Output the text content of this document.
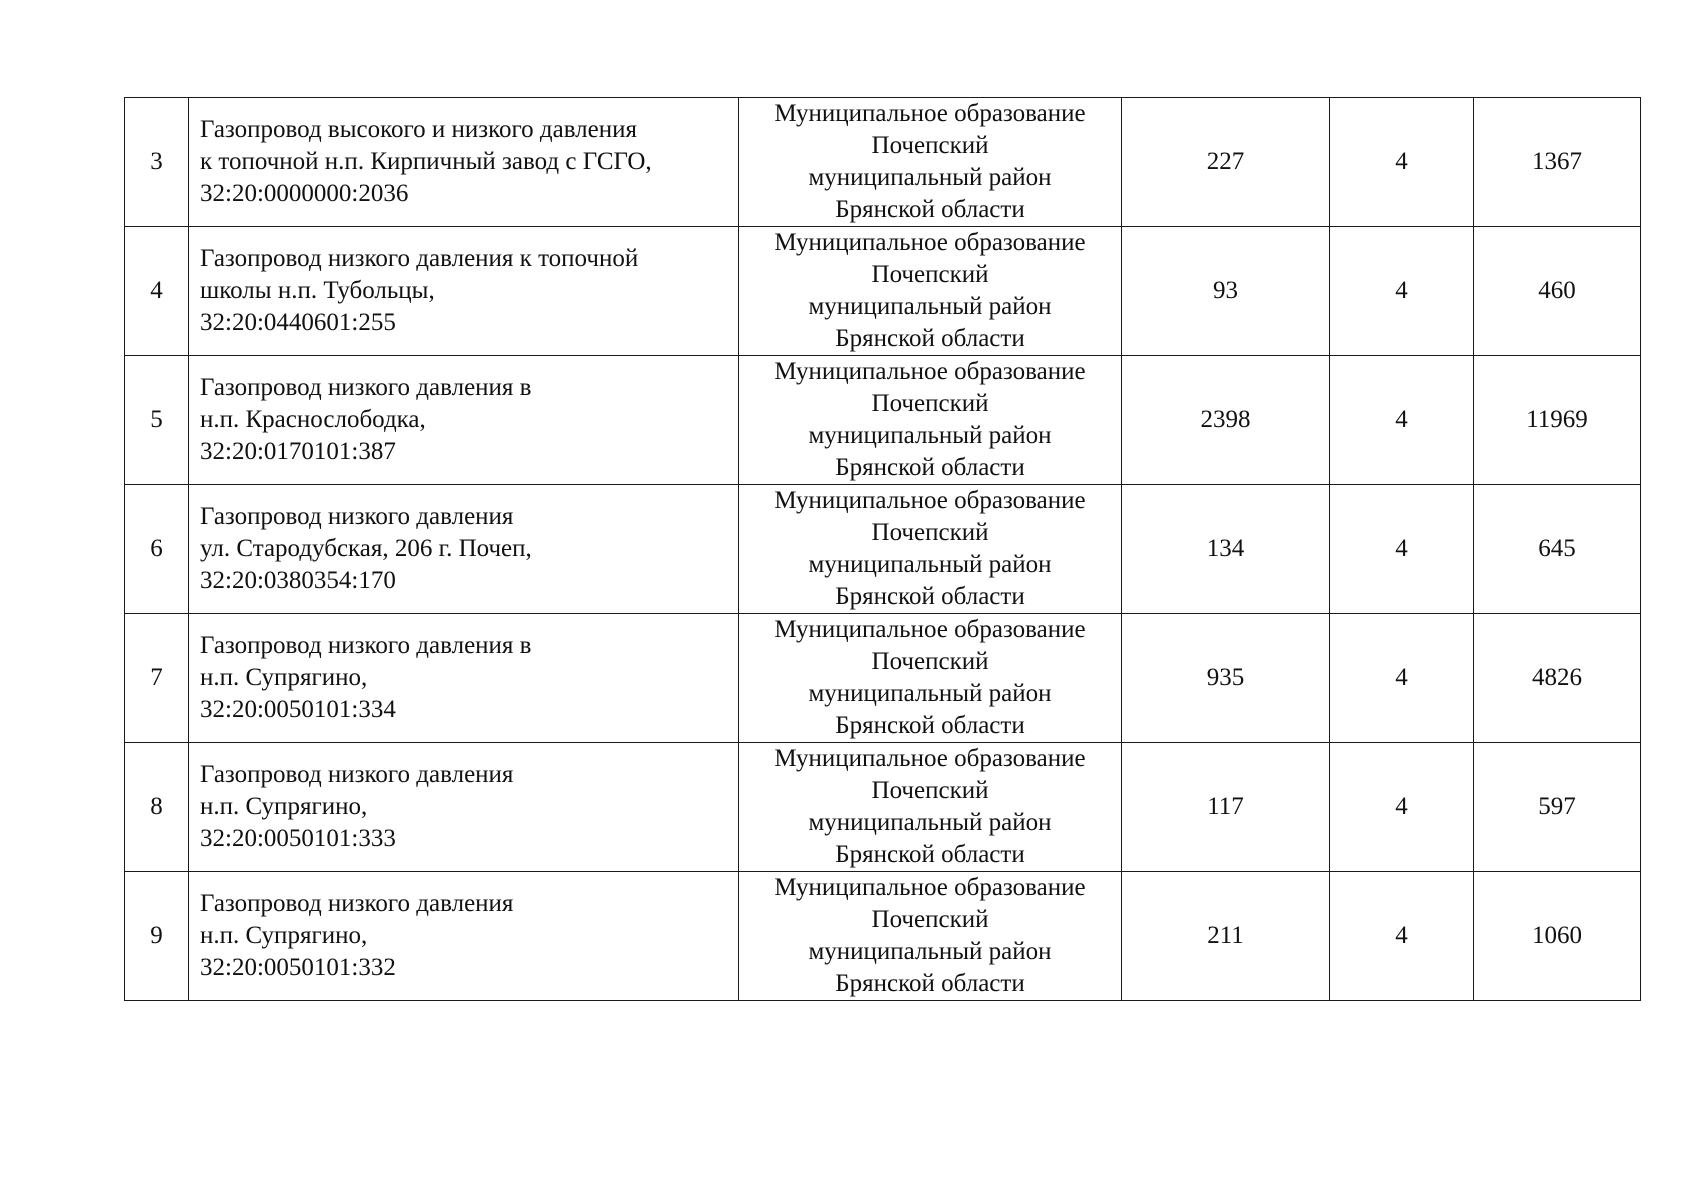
3	Газопровод высокого и низкого давления
к топочной н.п. Кирпичный завод с ГСГО,
32:20:0000000:2036	Муниципальное образование
Почепский
муниципальный район
Брянской области	227	4	1367
4	Газопровод низкого давления к топочной
школы н.п. Тубольцы,
32:20:0440601:255	Муниципальное образование
Почепский
муниципальный район
Брянской области	93	4	460
5	Газопровод низкого давления в
н.п. Краснослободка,
32:20:0170101:387	Муниципальное образование
Почепский
муниципальный район
Брянской области	2398	4	11969
6	Газопровод низкого давления
ул. Стародубская, 206 г. Почеп,
32:20:0380354:170	Муниципальное образование
Почепский
муниципальный район
Брянской области	134	4	645
7	Газопровод низкого давления в
н.п. Супрягино,
32:20:0050101:334	Муниципальное образование
Почепский
муниципальный район
Брянской области	935	4	4826
8	Газопровод низкого давления
н.п. Супрягино,
32:20:0050101:333	Муниципальное образование
Почепский
муниципальный район
Брянской области	117	4	597
9	Газопровод низкого давления
н.п. Супрягино,
32:20:0050101:332	Муниципальное образование
Почепский
муниципальный район
Брянской области	211	4	1060
